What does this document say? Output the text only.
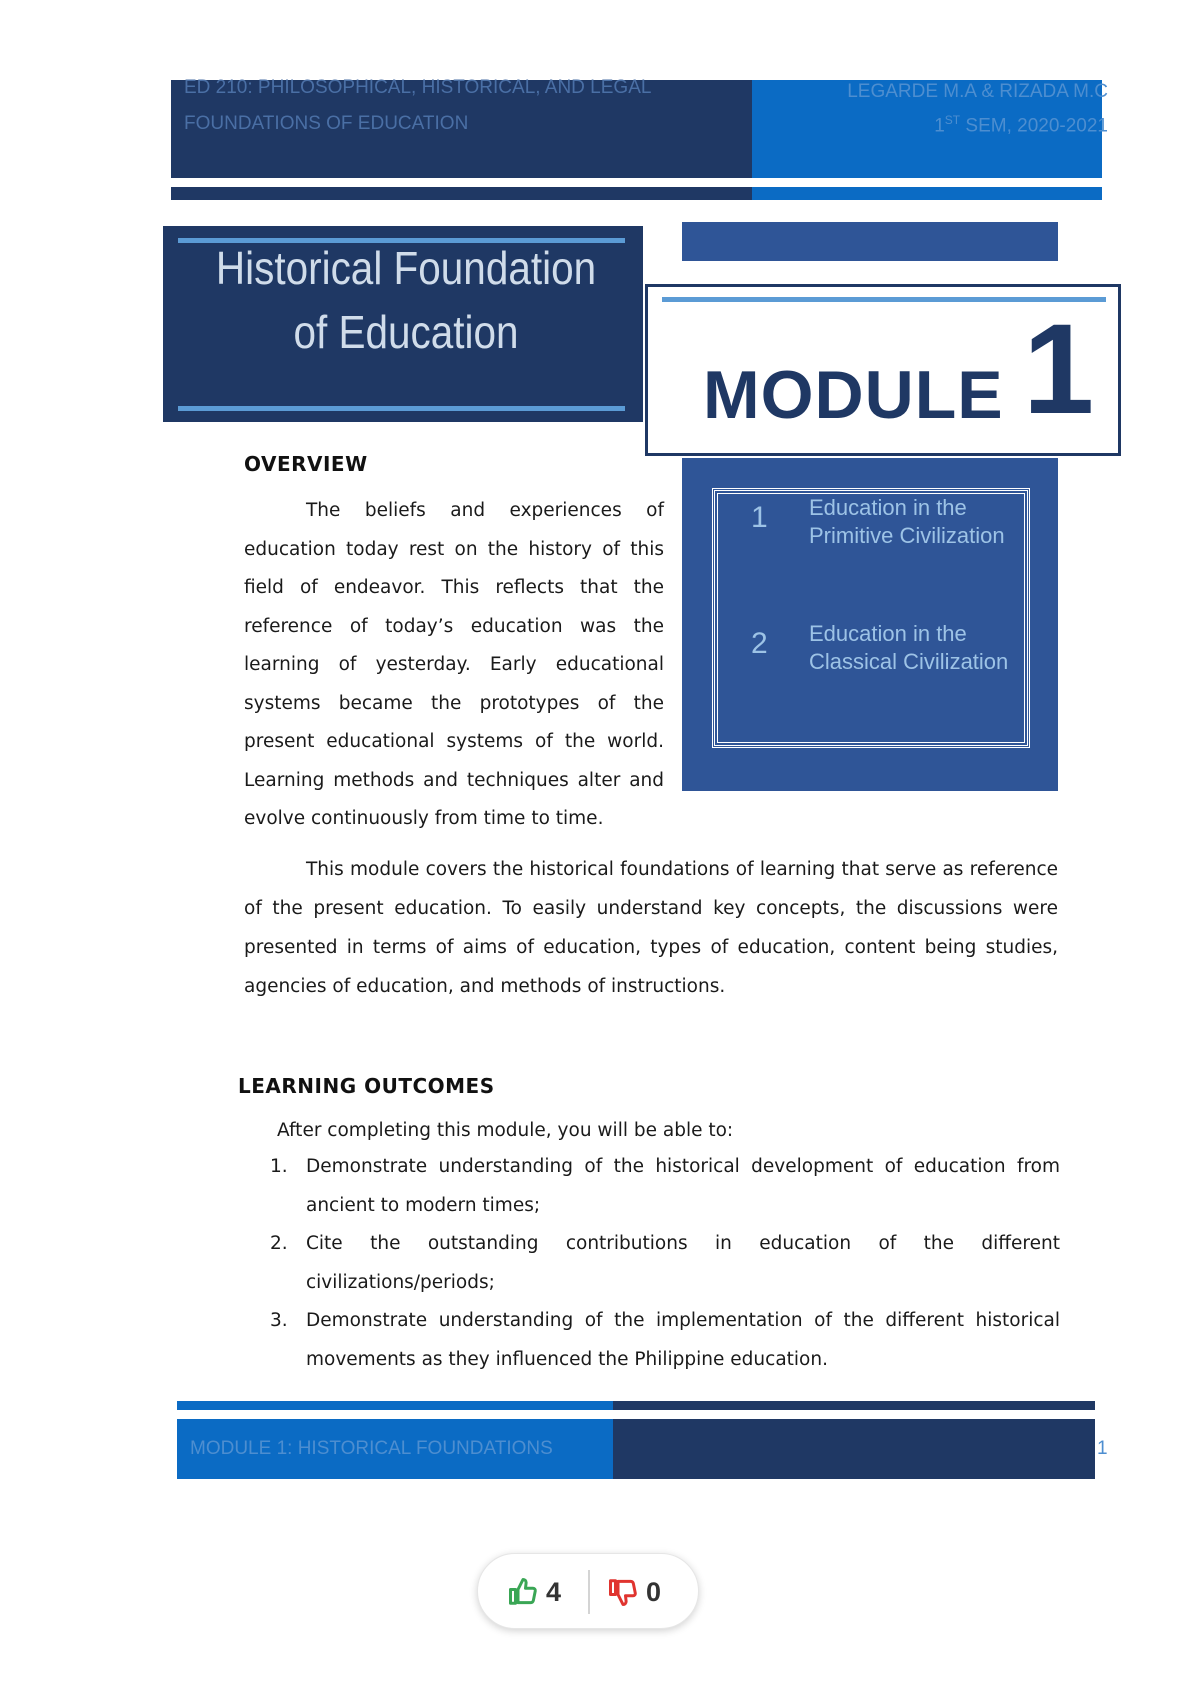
ED 210: PHILOSOPHICAL, HISTORICAL, AND LEGAL
FOUNDATIONS OF EDUCATION
LEGARDE M.A & RIZADA M.C
1ST SEM, 2020-2021
Historical Foundation
of Education
1 Education in the
Primitive Civilization
2 Education in the
Classical Civilization
MODULE 1
OVERVIEW
The beliefs and experiences of education today rest on the history of this field of endeavor. This reflects that the reference of today’s education was the learning of yesterday. Early educational systems became the prototypes of the present educational systems of the world. Learning methods and techniques alter and evolve continuously from time to time.
This module covers the historical foundations of learning that serve as reference of the present education. To easily understand key concepts, the discussions were presented in terms of aims of education, types of education, content being studies, agencies of education, and methods of instructions.
LEARNING OUTCOMES
After completing this module, you will be able to:
1. Demonstrate understanding of the historical development of education from ancient to modern times;
2. Cite the outstanding contributions in education of the different civilizations/periods;
3. Demonstrate understanding of the implementation of the different historical movements as they influenced the Philippine education.
MODULE 1: HISTORICAL FOUNDATIONS	1
4	0
